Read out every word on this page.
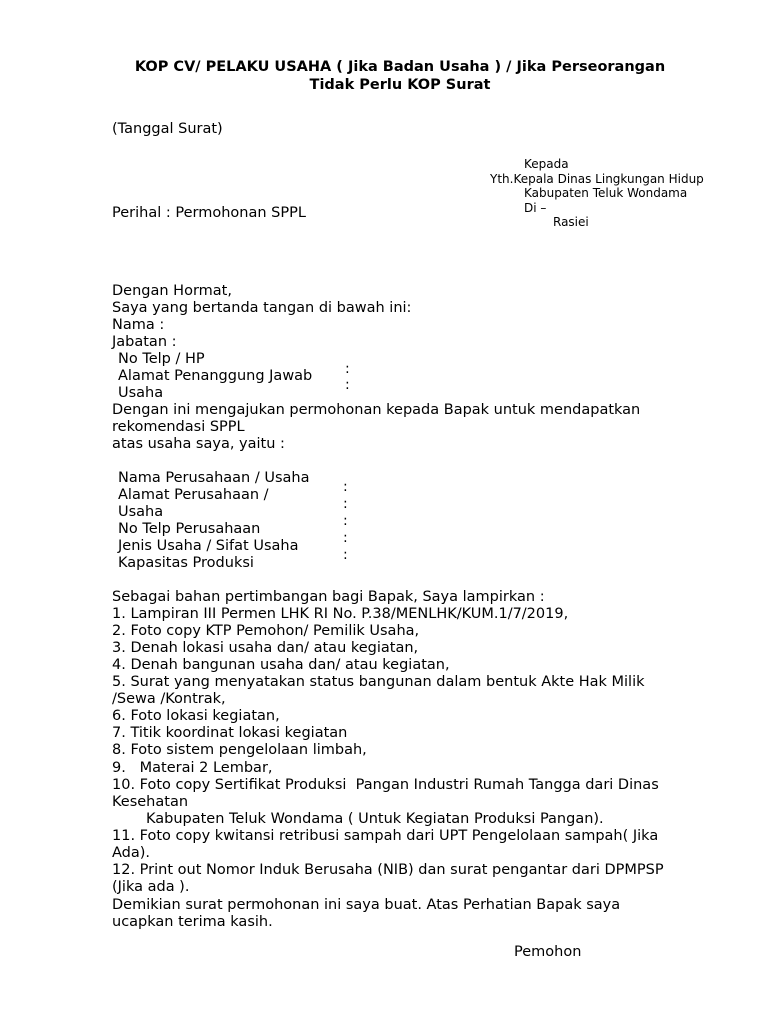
KOP CV/ PELAKU USAHA ( Jika Badan Usaha ) / Jika Perseorangan
Tidak Perlu KOP Surat
(Tanggal Surat)
Kepada
Yth.Kepala Dinas Lingkungan Hidup
Kabupaten Teluk Wondama
Di –
Rasiei
Perihal : Permohonan SPPL
Dengan Hormat,
Saya yang bertanda tangan di bawah ini:
Nama :
Jabatan :
No Telp / HP
Alamat Penanggung Jawab
Usaha
:
:
Dengan ini mengajukan permohonan kepada Bapak untuk mendapatkan
rekomendasi SPPL
atas usaha saya, yaitu :
Nama Perusahaan / Usaha
Alamat Perusahaan /
Usaha
No Telp Perusahaan
Jenis Usaha / Sifat Usaha
Kapasitas Produksi
:
:
:
:
:
Sebagai bahan pertimbangan bagi Bapak, Saya lampirkan :
1. Lampiran III Permen LHK RI No. P.38/MENLHK/KUM.1/7/2019,
2. Foto copy KTP Pemohon/ Pemilik Usaha,
3. Denah lokasi usaha dan/ atau kegiatan,
4. Denah bangunan usaha dan/ atau kegiatan,
5. Surat yang menyatakan status bangunan dalam bentuk Akte Hak Milik
/Sewa /Kontrak,
6. Foto lokasi kegiatan,
7. Titik koordinat lokasi kegiatan
8. Foto sistem pengelolaan limbah,
9.   Materai 2 Lembar,
10. Foto copy Sertifikat Produksi  Pangan Industri Rumah Tangga dari Dinas
Kesehatan
Kabupaten Teluk Wondama ( Untuk Kegiatan Produksi Pangan).
11. Foto copy kwitansi retribusi sampah dari UPT Pengelolaan sampah( Jika
Ada).
12. Print out Nomor Induk Berusaha (NIB) dan surat pengantar dari DPMPSP
(Jika ada ).
Demikian surat permohonan ini saya buat. Atas Perhatian Bapak saya
ucapkan terima kasih.
Pemohon
